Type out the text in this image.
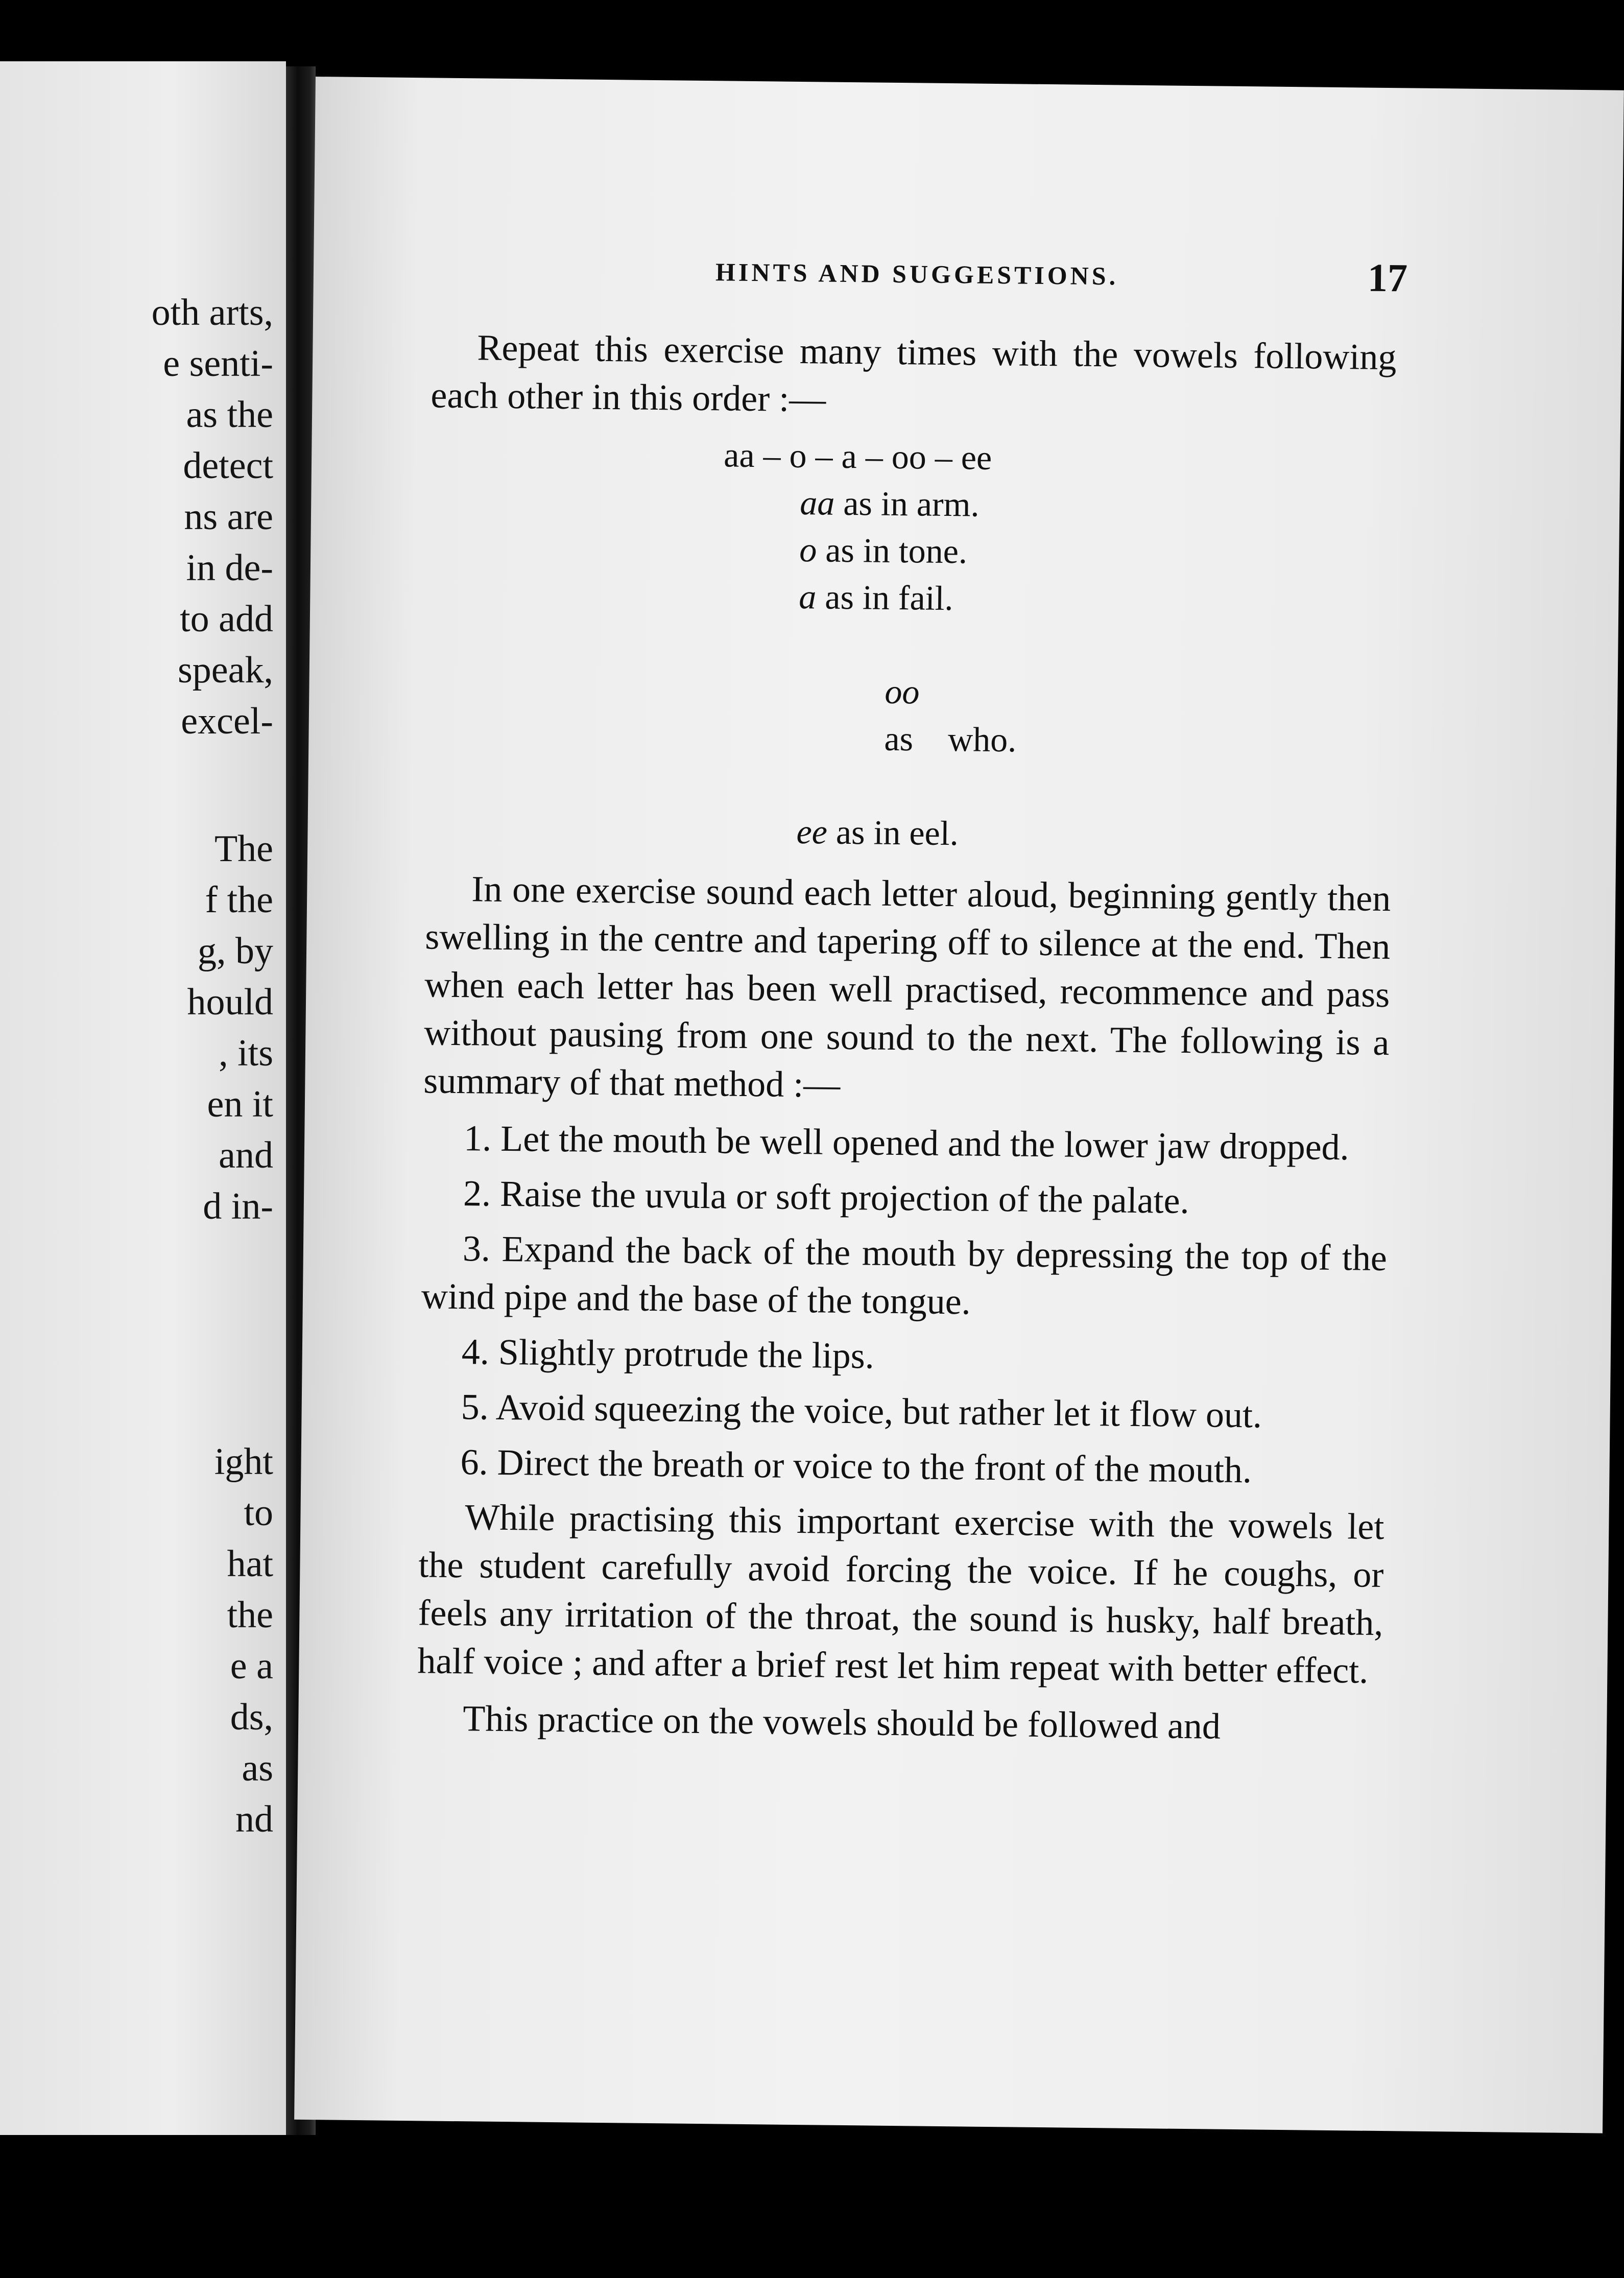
oth arts,
e senti-
as the
detect
ns are
in de-
to add
speak,
excel-
The
f the
g, by
hould
, its
en it
and
d in-
ight
to
hat
the
e a
ds,
as
nd
HINTS AND SUGGESTIONS.	17

Repeat this exercise many times with the vowels following each other in this order :—

aa – o – a – oo – ee

aa as in arm.

o as in tone.

a as in fail.

oo
as    who.

ee as in eel.

In one exercise sound each letter aloud, beginning gently then swelling in the centre and tapering off to silence at the end. Then when each letter has been well practised, recommence and pass without pausing from one sound to the next. The following is a summary of that method :—

1. Let the mouth be well opened and the lower jaw dropped.

2. Raise the uvula or soft projection of the palate.

3. Expand the back of the mouth by depressing the top of the wind pipe and the base of the tongue.

4. Slightly protrude the lips.

5. Avoid squeezing the voice, but rather let it flow out.

6. Direct the breath or voice to the front of the mouth.

While practising this important exercise with the vowels let the student carefully avoid forcing the voice. If he coughs, or feels any irritation of the throat, the sound is husky, half breath, half voice ; and after a brief rest let him repeat with better effect.

This practice on the vowels should be followed and
